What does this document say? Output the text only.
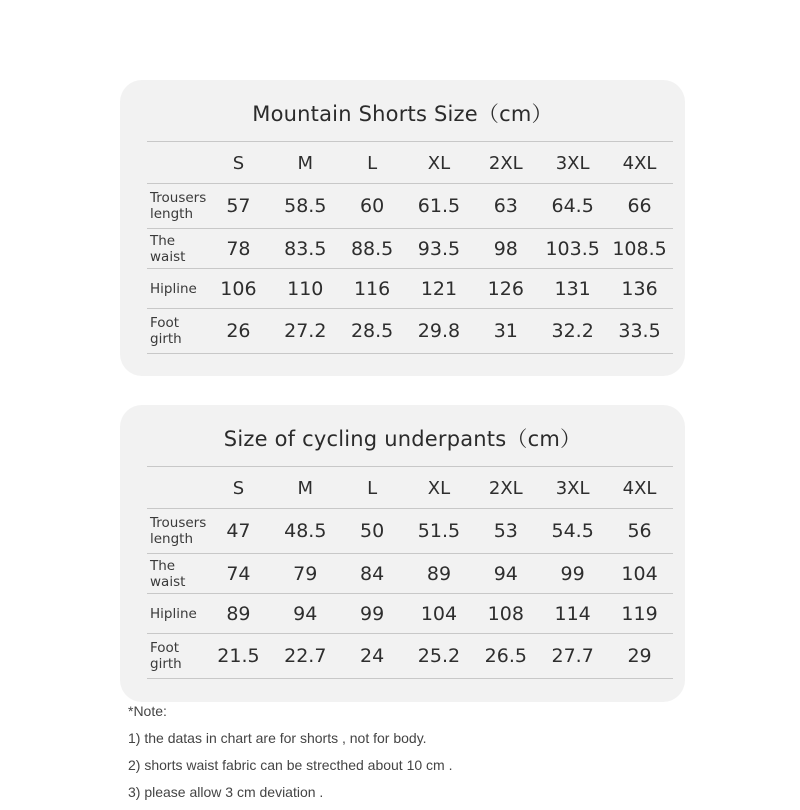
Mountain Shorts Size（cm）
	S	M	L	XL	2XL	3XL	4XL
Trousers length	57	58.5	60	61.5	63	64.5	66
The waist	78	83.5	88.5	93.5	98	103.5	108.5
Hipline	106	110	116	121	126	131	136
Foot girth	26	27.2	28.5	29.8	31	32.2	33.5
Size of cycling underpants（cm）
	S	M	L	XL	2XL	3XL	4XL
Trousers length	47	48.5	50	51.5	53	54.5	56
The waist	74	79	84	89	94	99	104
Hipline	89	94	99	104	108	114	119
Foot girth	21.5	22.7	24	25.2	26.5	27.7	29
*Note:
1) the datas in chart are for shorts , not for body.
2) shorts waist fabric can be strecthed about 10 cm .
3) please allow 3 cm deviation .
